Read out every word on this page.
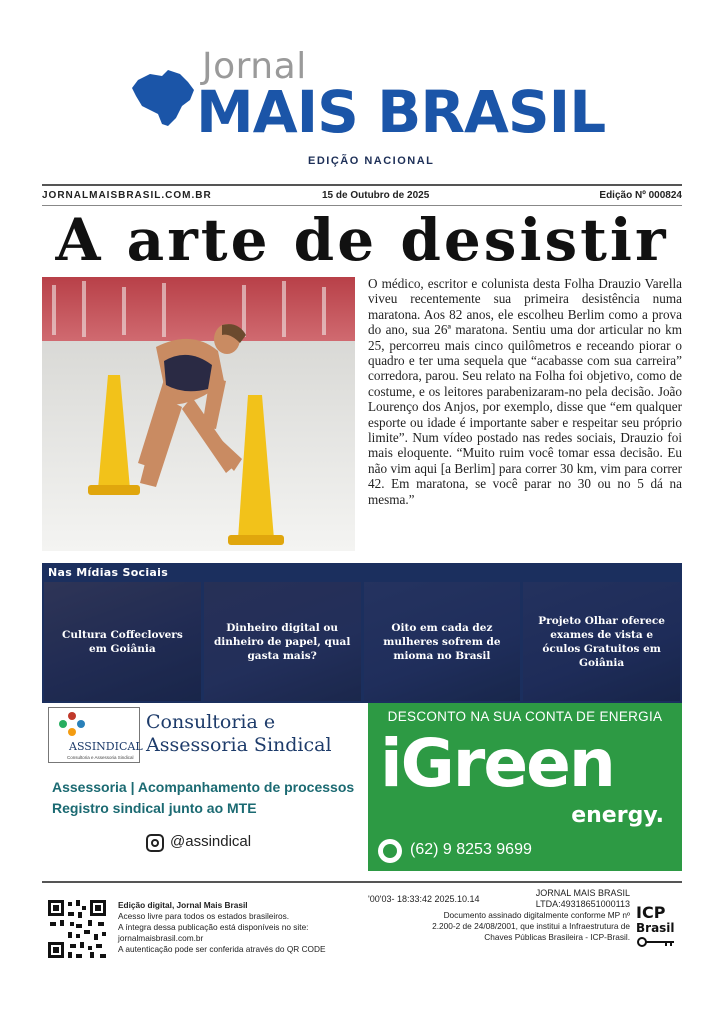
Jornal
MAIS BRASIL
EDIÇÃO NACIONAL
JORNALMAISBRASIL.COM.BR	15 de Outubro de 2025	Edição Nº 000824
A arte de desistir

O médico, escritor e colunista desta Folha Drauzio Varella viveu recentemente sua primeira desistência numa maratona. Aos 82 anos, ele escolheu Berlim como a prova do ano, sua 26ª maratona. Sentiu uma dor articular no km 25, percorreu mais cinco quilômetros e receando piorar o quadro e ter uma sequela que “acabasse com sua carreira” corredora, parou. Seu relato na Folha foi objetivo, como de costume, e os leitores parabenizaram-no pela decisão. João Lourenço dos Anjos, por exemplo, disse que “em qualquer esporte ou idade é importante saber e respeitar seu próprio limite”. Num vídeo postado nas redes sociais, Drauzio foi mais eloquente. “Muito ruim você tomar essa decisão. Eu não vim aqui [a Berlim] para correr 30 km, vim para correr 42. Em maratona, se você parar no 30 ou no 5 dá na mesma.”

Nas Mídias Sociais
Cultura Coffeclovers em Goiânia
Dinheiro digital ou dinheiro de papel, qual gasta mais?
Oito em cada dez mulheres sofrem de mioma no Brasil
Projeto Olhar oferece exames de vista e óculos Gratuitos em Goiânia
ASSINDICAL
Consultoria e Assessoria Sindical
Consultoria e
Assessoria Sindical
Assessoria | Acompanhamento de processos
Registro sindical junto ao MTE
@assindical
DESCONTO NA SUA CONTA DE ENERGIA
iGreen
energy.
(62) 9 8253 9699
Edição digital, Jornal Mais Brasil
Acesso livre para todos os estados brasileiros.
A íntegra dessa publicação está disponíveis no site:
jornalmaisbrasil.com.br
A autenticação pode ser conferida através do QR CODE
'00'03- 18:33:42 2025.10.14
JORNAL MAIS BRASIL
LTDA:49318651000113
Documento assinado digitalmente conforme MP nº
2.200-2 de 24/08/2001, que institui a Infraestrutura de
Chaves Públicas Brasileira - ICP-Brasil.
ICP
Brasil
